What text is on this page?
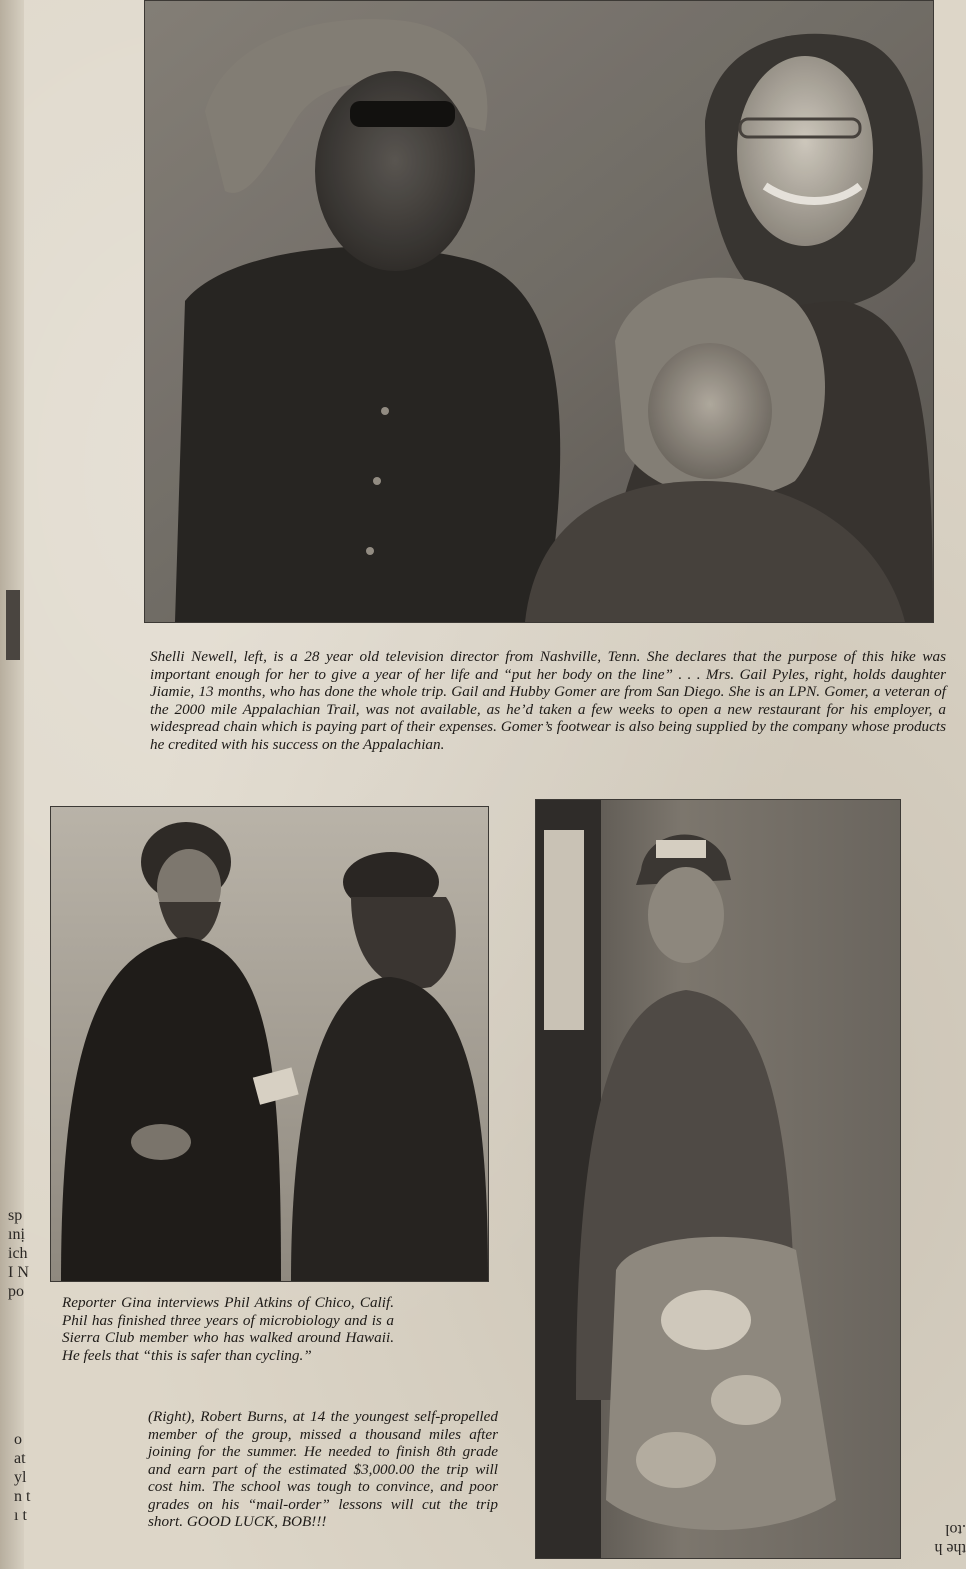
Shelli Newell, left, is a 28 year old television director from Nashville, Tenn. She declares that the purpose of this hike was important enough for her to give a year of her life and “put her body on the line” . . . Mrs. Gail Pyles, right, holds daughter Jiamie, 13 months, who has done the whole trip. Gail and Hubby Gomer are from San Diego. She is an LPN. Gomer, a veteran of the 2000 mile Appalachian Trail, was not available, as he’d taken a few weeks to open a new restaurant for his employer, a widespread chain which is paying part of their expenses. Gomer’s footwear is also being supplied by the company whose products he credited with his success on the Appalachian.
Reporter Gina interviews Phil Atkins of Chico, Calif. Phil has finished three years of microbiology and is a Sierra Club member who has walked around Hawaii. He feels that “this is safer than cycling.”
(Right), Robert Burns, at 14 the youngest self-propelled member of the group, missed a thousand miles after joining for the summer. He needed to finish 8th grade and earn part of the estimated $3,000.00 the trip will cost him. The school was tough to convince, and poor grades on his “mail-order” lessons will cut the trip short. GOOD LUCK, BOB!!!
sp
ınị
ich
I N
po
o
at
yl
n t
ı t
the h
.tol
